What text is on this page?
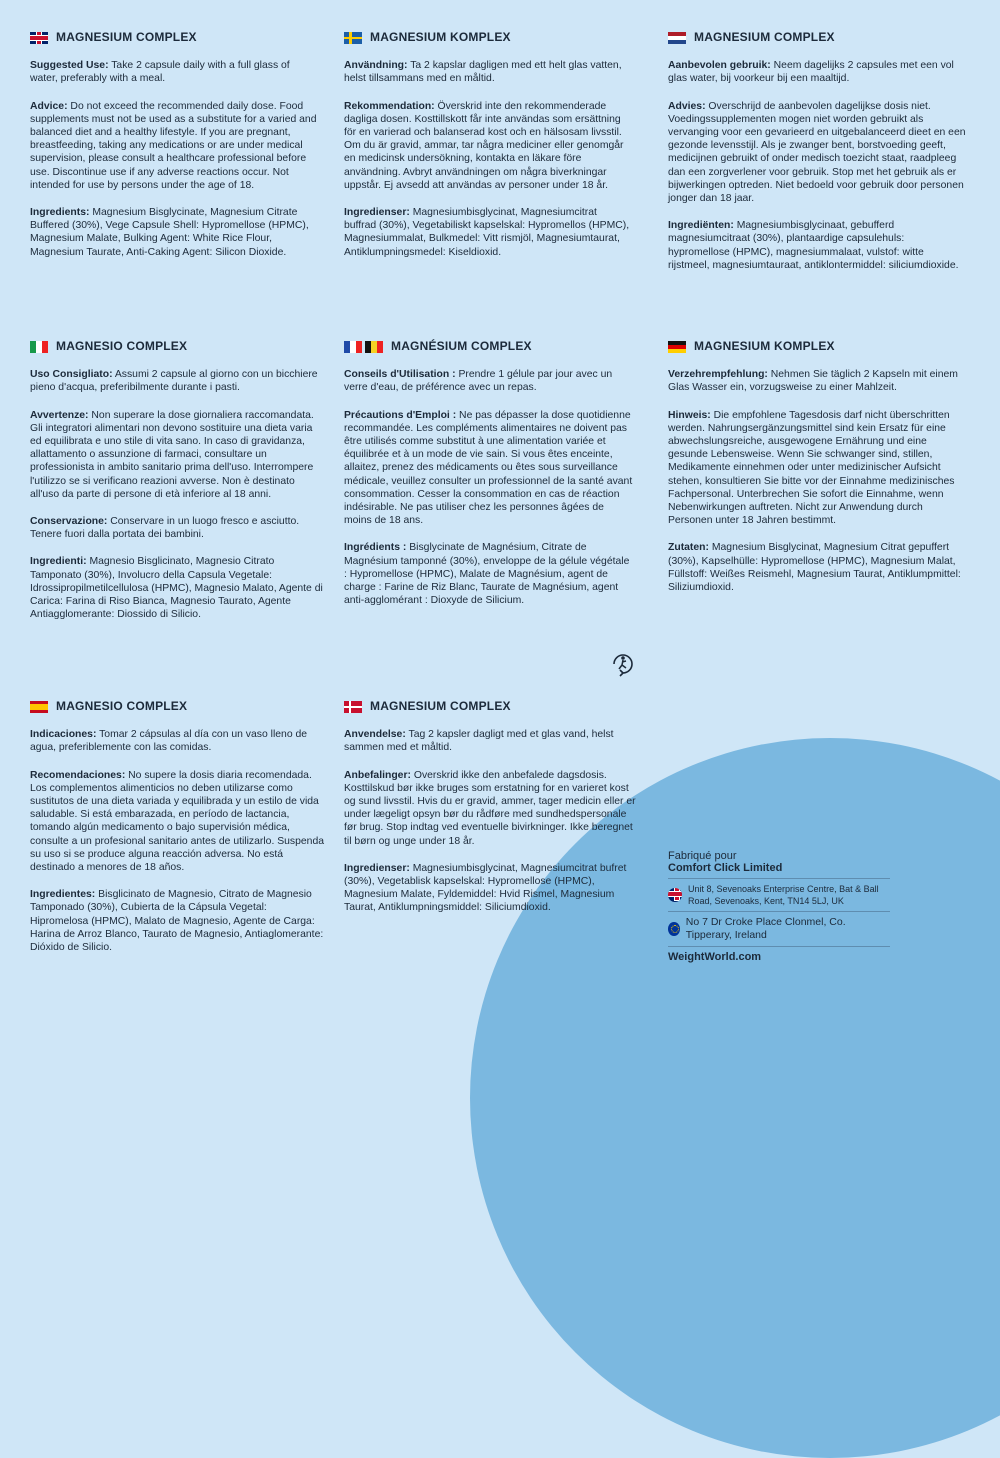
MAGNESIUM COMPLEX

Suggested Use: Take 2 capsule daily with a full glass of water, preferably with a meal.

Advice: Do not exceed the recommended daily dose. Food supplements must not be used as a substitute for a varied and balanced diet and a healthy lifestyle. If you are pregnant, breastfeeding, taking any medications or are under medical supervision, please consult a healthcare professional before use. Discontinue use if any adverse reactions occur. Not intended for use by persons under the age of 18.

Ingredients: Magnesium Bisglycinate, Magnesium Citrate Buffered (30%), Vege Capsule Shell: Hypromellose (HPMC), Magnesium Malate, Bulking Agent: White Rice Flour, Magnesium Taurate, Anti-Caking Agent: Silicon Dioxide.

MAGNESIUM KOMPLEX

Användning: Ta 2 kapslar dagligen med ett helt glas vatten, helst tillsammans med en måltid.

Rekommendation: Överskrid inte den rekommenderade dagliga dosen. Kosttillskott får inte användas som ersättning för en varierad och balanserad kost och en hälsosam livsstil. Om du är gravid, ammar, tar några mediciner eller genomgår en medicinsk undersökning, kontakta en läkare före användning. Avbryt användningen om några biverkningar uppstår. Ej avsedd att användas av personer under 18 år.

Ingredienser: Magnesiumbisglycinat, Magnesiumcitrat buffrad (30%), Vegetabiliskt kapselskal: Hypromellos (HPMC), Magnesiummalat, Bulkmedel: Vitt rismjöl, Magnesiumtaurat, Antiklumpningsmedel: Kiseldioxid.

MAGNESIUM COMPLEX

Aanbevolen gebruik: Neem dagelijks 2 capsules met een vol glas water, bij voorkeur bij een maaltijd.

Advies: Overschrijd de aanbevolen dagelijkse dosis niet. Voedingssupplementen mogen niet worden gebruikt als vervanging voor een gevarieerd en uitgebalanceerd dieet en een gezonde levensstijl. Als je zwanger bent, borstvoeding geeft, medicijnen gebruikt of onder medisch toezicht staat, raadpleeg dan een zorgverlener voor gebruik. Stop met het gebruik als er bijwerkingen optreden. Niet bedoeld voor gebruik door personen jonger dan 18 jaar.

Ingrediënten: Magnesiumbisglycinaat, gebufferd magnesiumcitraat (30%), plantaardige capsulehuls: hypromellose (HPMC), magnesiummalaat, vulstof: witte rijstmeel, magnesiumtauraat, antiklontermiddel: siliciumdioxide.

MAGNESIO COMPLEX

Uso Consigliato: Assumi 2 capsule al giorno con un bicchiere pieno d'acqua, preferibilmente durante i pasti.

Avvertenze: Non superare la dose giornaliera raccomandata. Gli integratori alimentari non devono sostituire una dieta varia ed equilibrata e uno stile di vita sano. In caso di gravidanza, allattamento o assunzione di farmaci, consultare un professionista in ambito sanitario prima dell'uso. Interrompere l'utilizzo se si verificano reazioni avverse. Non è destinato all'uso da parte di persone di età inferiore al 18 anni.

Conservazione: Conservare in un luogo fresco e asciutto. Tenere fuori dalla portata dei bambini.

Ingredienti: Magnesio Bisglicinato, Magnesio Citrato Tamponato (30%), Involucro della Capsula Vegetale: Idrossipropilmetilcellulosa (HPMC), Magnesio Malato, Agente di Carica: Farina di Riso Bianca, Magnesio Taurato, Agente Antiagglomerante: Diossido di Silicio.

MAGNÉSIUM COMPLEX

Conseils d'Utilisation : Prendre 1 gélule par jour avec un verre d'eau, de préférence avec un repas.

Précautions d'Emploi : Ne pas dépasser la dose quotidienne recommandée. Les compléments alimentaires ne doivent pas être utilisés comme substitut à une alimentation variée et équilibrée et à un mode de vie sain. Si vous êtes enceinte, allaitez, prenez des médicaments ou êtes sous surveillance médicale, veuillez consulter un professionnel de la santé avant consommation. Cesser la consommation en cas de réaction indésirable. Ne pas utiliser chez les personnes âgées de moins de 18 ans.

Ingrédients : Bisglycinate de Magnésium, Citrate de Magnésium tamponné (30%), enveloppe de la gélule végétale : Hypromellose (HPMC), Malate de Magnésium, agent de charge : Farine de Riz Blanc, Taurate de Magnésium, agent anti-agglomérant : Dioxyde de Silicium.

MAGNESIUM KOMPLEX

Verzehrempfehlung: Nehmen Sie täglich 2 Kapseln mit einem Glas Wasser ein, vorzugsweise zu einer Mahlzeit.

Hinweis: Die empfohlene Tagesdosis darf nicht überschritten werden. Nahrungsergänzungsmittel sind kein Ersatz für eine abwechslungsreiche, ausgewogene Ernährung und eine gesunde Lebensweise. Wenn Sie schwanger sind, stillen, Medikamente einnehmen oder unter medizinischer Aufsicht stehen, konsultieren Sie bitte vor der Einnahme medizinisches Fachpersonal. Unterbrechen Sie sofort die Einnahme, wenn Nebenwirkungen auftreten. Nicht zur Anwendung durch Personen unter 18 Jahren bestimmt.

Zutaten: Magnesium Bisglycinat, Magnesium Citrat gepuffert (30%), Kapselhülle: Hypromellose (HPMC), Magnesium Malat, Füllstoff: Weißes Reismehl, Magnesium Taurat, Antiklumpmittel: Siliziumdioxid.

MAGNESIO COMPLEX

Indicaciones: Tomar 2 cápsulas al día con un vaso lleno de agua, preferiblemente con las comidas.

Recomendaciones: No supere la dosis diaria recomendada. Los complementos alimenticios no deben utilizarse como sustitutos de una dieta variada y equilibrada y un estilo de vida saludable. Si está embarazada, en período de lactancia, tomando algún medicamento o bajo supervisión médica, consulte a un profesional sanitario antes de utilizarlo. Suspenda su uso si se produce alguna reacción adversa. No está destinado a menores de 18 años.

Ingredientes: Bisglicinato de Magnesio, Citrato de Magnesio Tamponado (30%), Cubierta de la Cápsula Vegetal: Hipromelosa (HPMC), Malato de Magnesio, Agente de Carga: Harina de Arroz Blanco, Taurato de Magnesio, Antiaglomerante: Dióxido de Silicio.

MAGNESIUM COMPLEX

Anvendelse: Tag 2 kapsler dagligt med et glas vand, helst sammen med et måltid.

Anbefalinger: Overskrid ikke den anbefalede dagsdosis. Kosttilskud bør ikke bruges som erstatning for en varieret kost og sund livsstil. Hvis du er gravid, ammer, tager medicin eller er under lægeligt opsyn bør du rådføre med sundhedspersonale før brug. Stop indtag ved eventuelle bivirkninger. Ikke beregnet til børn og unge under 18 år.

Ingredienser: Magnesiumbisglycinat, Magnesiumcitrat bufret (30%), Vegetablisk kapselskal: Hypromellose (HPMC), Magnesium Malate, Fyldemiddel: Hvid Rismel, Magnesium Taurat, Antiklumpningsmiddel: Siliciumdioxid.

Fabriqué pour
Comfort Click Limited
Unit 8, Sevenoaks Enterprise Centre, Bat & Ball Road, Sevenoaks, Kent, TN14 5LJ, UK
No 7 Dr Croke Place Clonmel, Co. Tipperary, Ireland
WeightWorld.com
